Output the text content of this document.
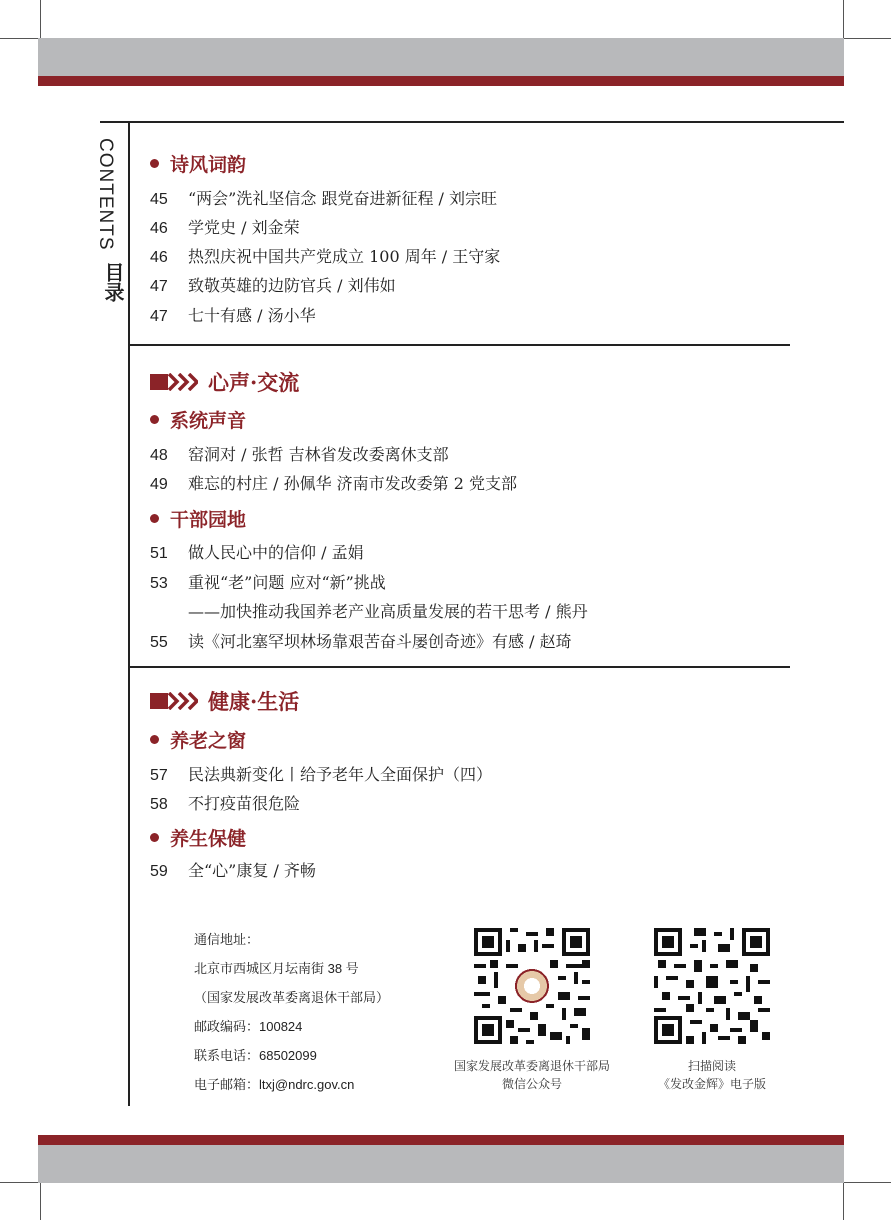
CONTENTS
目录
诗风词韵
45 “两会”洗礼坚信念 跟党奋进新征程 / 刘宗旺
46 学党史 / 刘金荣
46 热烈庆祝中国共产党成立 100 周年 / 王守家
47 致敬英雄的边防官兵 / 刘伟如
47 七十有感 / 汤小华
心声·交流
系统声音
48 窑洞对 / 张哲 吉林省发改委离休支部
49 难忘的村庄 / 孙佩华 济南市发改委第 2 党支部
干部园地
51 做人民心中的信仰 / 孟娟
53 重视“老”问题 应对“新”挑战
——加快推动我国养老产业高质量发展的若干思考 / 熊丹
55 读《河北塞罕坝林场靠艰苦奋斗屡创奇迹》有感 / 赵琦
健康·生活
养老之窗
57 民法典新变化丨给予老年人全面保护（四）
58 不打疫苗很危险
养生保健
59 全“心”康复 / 齐畅
通信地址：
北京市西城区月坛南街 38 号
（国家发展改革委离退休干部局）
邮政编码：100824
联系电话：68502099
电子邮箱：ltxj@ndrc.gov.cn
国家发展改革委离退休干部局
微信公众号
扫描阅读
《发改金辉》电子版
